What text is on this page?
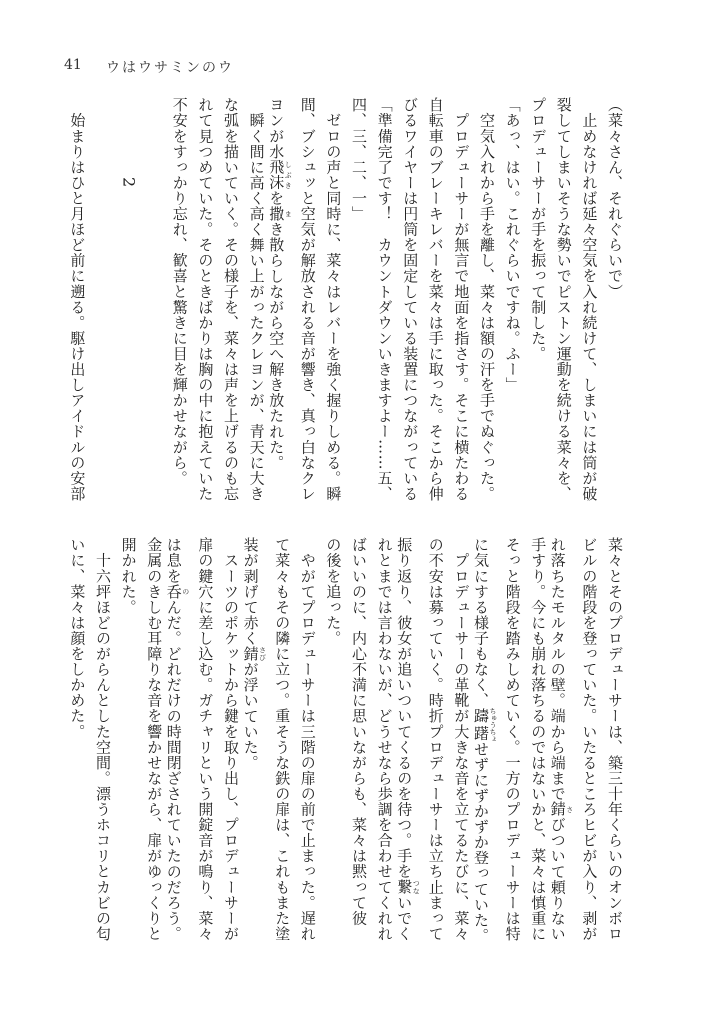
41 ウはウサミンのウ
（菜々さん、それぐらいで）
　止めなければ延々空気を入れ続けて、しまいには筒が破
裂してしまいそうな勢いでピストン運動を続ける菜々を、
プロデューサーが手を振って制した。
「あっ、はい。これぐらいですね。ふー」
　空気入れから手を離し、菜々は額の汗を手でぬぐった。
　プロデューサーが無言で地面を指さす。そこに横たわる
自転車のブレーキレバーを菜々は手に取った。そこから伸
びるワイヤーは円筒を固定している装置につながっている
「準備完了です！　カウントダウンいきますよー……五、
四、三、二、一」
　ゼロの声と同時に、菜々はレバーを強く握りしめる。瞬
間、ブシュッと空気が解放される音が響き、真っ白なクレ
ヨンが水飛沫 しぶきを撒 まき散らしながら空へ解き放たれた。
　瞬く間に高く高く舞い上がったクレヨンが、青天に大き
な弧を描いていく。その様子を、菜々は声を上げるのも忘
れて見つめていた。そのときばかりは胸の中に抱えていた
不安をすっかり忘れ、歓喜と驚きに目を輝かせながら。
2
　始まりはひと月ほど前に遡る。駆け出しアイドルの安部
菜々とそのプロデューサーは、築三十年くらいのオンボロ
ビルの階段を登っていた。いたるところヒビが入り、剥が
れ落ちたモルタルの壁。端から端まで錆 さびついて頼りない
手すり。今にも崩れ落ちるのではないかと、菜々は慎重に
そっと階段を踏みしめていく。一方のプロデューサーは特
に気にする様子もなく、躊躇 ちゅうちょせずにずかずか登っていた。
　プロデューサーの革靴が大きな音を立てるたびに、菜々
の不安は募っていく。時折プロデューサーは立ち止まって
振り返り、彼女が追いついてくるのを待つ。手を繋 つないでく
れとまでは言わないが、どうせなら歩調を合わせてくれれ
ばいいのに、内心不満に思いながらも、菜々は黙って彼
の後を追った。
　やがてプロデューサーは三階の扉の前で止まった。遅れ
て菜々もその隣に立つ。重そうな鉄の扉は、これもまた塗
装が剥げて赤く錆 さびが浮いていた。
　スーツのポケットから鍵を取り出し、プロデューサーが
扉の鍵穴に差し込む。ガチャリという開錠音が鳴り、菜々
は息を呑 のんだ。どれだけの時間閉ざされていたのだろう。
金属のきしむ耳障りな音を響かせながら、扉がゆっくりと
開かれた。
　十六坪ほどのがらんとした空間。漂うホコリとカビの匂
いに、菜々は顔をしかめた。
